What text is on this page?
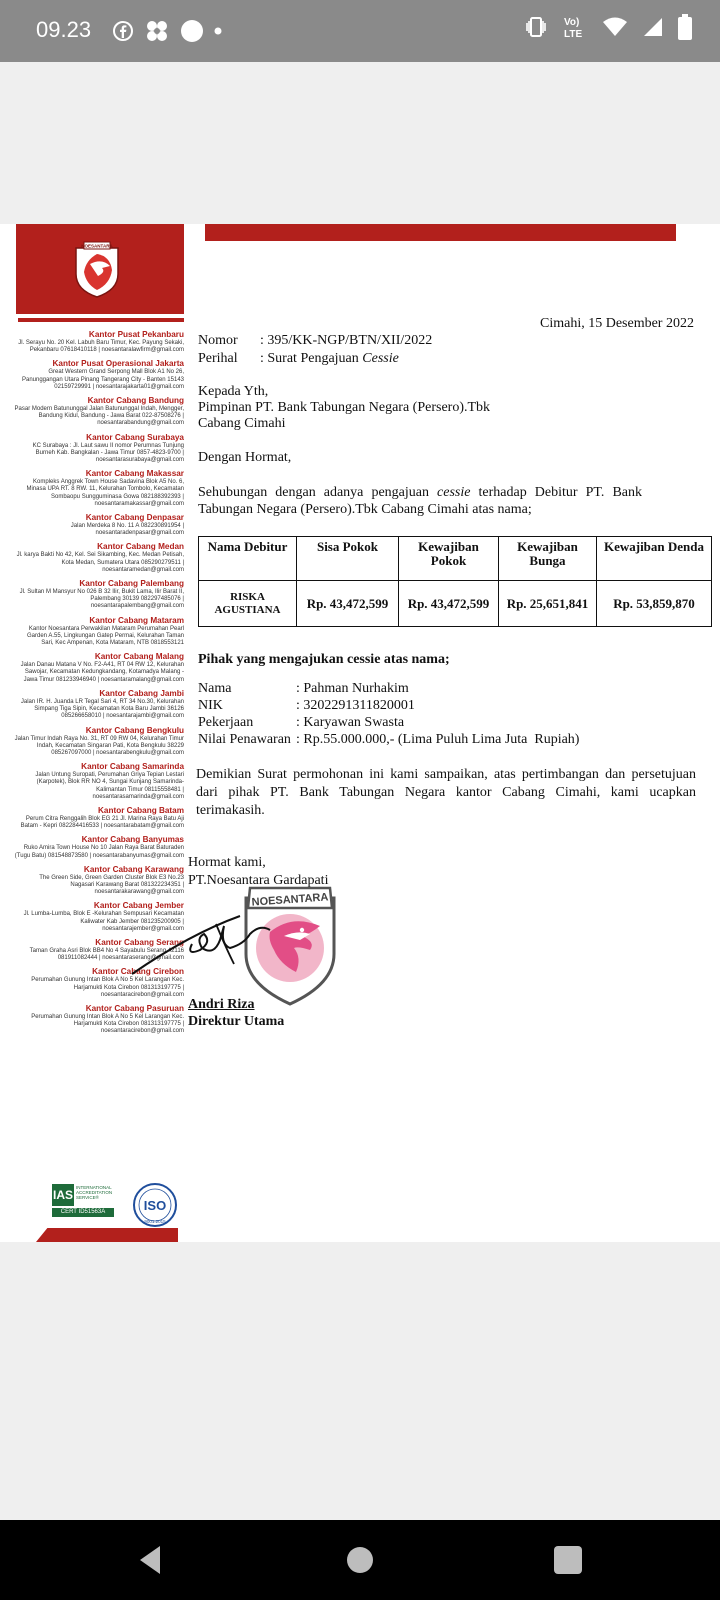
09.23	Vo)
LTE
NOESANTARA
Kantor Pusat Pekanbaru
Jl. Serayu No. 20 Kel. Labuh Baru Timur, Kec. Payung Sekaki, Pekanbaru 07618410118 | noesantaralawfirm@gmail.com
Kantor Pusat Operasional Jakarta
Great Western Grand Serpong Mall Blok A1 No 26, Panunggangan Utara Pinang Tangerang City - Banten 15143 02159729991 | noesantarajakarta01@gmail.com
Kantor Cabang Bandung
Pasar Modern Batununggal Jalan Batununggal Indah, Mengger, Bandung Kidul, Bandung - Jawa Barat 022-87508276 | noesantarabandung@gmail.com
Kantor Cabang Surabaya
KC Surabaya : Jl. Laut sawu II nomor Perumnas Tunjung Burneh Kab. Bangkalan - Jawa Timur 0857-4823-9700 | noesantarasurabaya@gmail.com
Kantor Cabang Makassar
Kompleks Anggrek Town House Sadavina Blok A5 No. 6, Minasa UPA RT. 8 RW. 11, Kelurahan Tombolo, Kecamatan Sombaopu Sungguminasa Gowa 082188392393 | noesantaramakassar@gmail.com
Kantor Cabang Denpasar
Jalan Merdeka 8 No. 11 A 082230891954 | noesantaradenpasar@gmail.com
Kantor Cabang Medan
Jl. karya Bakti No 42, Kel. Sei Sikambing, Kec. Medan Petisah, Kota Medan, Sumatera Utara 085290279511 | noesantaramedan@gmail.com
Kantor Cabang Palembang
Jl. Sultan M Mansyur No 026 B 32 Ilir, Bukit Lama, Ilir Barat II, Palembang 30139 082297485076 | noesantarapalembang@gmail.com
Kantor Cabang Mataram
Kantor Noesantara Perwakilan Mataram Perumahan Pearl Garden A.55, Lingkungan Gatep Permai, Kelurahan Taman Sari, Kec Ampenan, Kota Mataram, NTB 0818553121
Kantor Cabang Malang
Jalan Danau Matana V No. F2-A41, RT 04 RW 12, Kelurahan Sawojar, Kecamatan Kedungkandang, Kotamadya Malang - Jawa Timur 081233946940 | noesantaramalang@gmail.com
Kantor Cabang Jambi
Jalan IR. H. Juanda LR Tegal Sari 4, RT 34 No.30, Kelurahan Simpang Tiga Sipin, Kecamatan Kota Baru Jambi 36126 085266658010 | noesantarajambi@gmail.com
Kantor Cabang Bengkulu
Jalan Timur Indah Raya No. 31, RT 09 RW 04, Kelurahan Timur Indah, Kecamatan Singaran Pati, Kota Bengkulu 38229 085267097000 | noesantarabengkulu@gmail.com
Kantor Cabang Samarinda
Jalan Untung Suropati, Perumahan Griya Tepian Lestari (Karpotek), Blok RR NO 4, Sungai Kunjang Samarinda- Kalimantan Timur 08115558481 | noesantarasamarinda@gmail.com
Kantor Cabang Batam
Perum Citra Renggalih Blok EG 21 Jl. Marina Raya Batu Aji Batam - Kepri 082284416533 | noesantarabatam@gmail.com
Kantor Cabang Banyumas
Ruko Amira Town House No 10 Jalan Raya Barat Baturaden (Tugu Batu) 081548873580 | noesantarabanyumas@gmail.com
Kantor Cabang Karawang
The Green Side, Green Garden Cluster Blok E3 No.23 Nagasari Karawang Barat 081322234351 | noesantarakarawang@gmail.com
Kantor Cabang Jember
Jl. Lumba-Lumba, Blok E -Kelurahan Sempusari Kecamatan Kaliwater Kab Jember 081235200905 | noesantarajember@gmail.com
Kantor Cabang Serang
Taman Graha Asri Blok BB4 No 4 Sayabulu Serang 42116 081911082444 | noesantaraserang@gmail.com
Kantor Cabang Cirebon
Perumahan Gunung Intan Blok A No 5 Kel Larangan Kec. Harjamukti Kota Cirebon 081313197775 | noesantaracirebon@gmail.com
Kantor Cabang Pasuruan
Perumahan Gunung Intan Blok A No 5 Kel Larangan Kec. Harjamukti Kota Cirebon 081313197775 | noesantaracirebon@gmail.com
IAS
INTERNATIONAL ACCREDITATION SERVICE®
CERT ID51563A	ISO
9001:2015
Cimahi, 15 Desember 2022
Nomor	: 395/KK-NGP/BTN/XII/2022
Perihal	: Surat Pengajuan Cessie
Kepada Yth,
Pimpinan PT. Bank Tabungan Negara (Persero).Tbk
Cabang Cimahi
Dengan Hormat,
Sehubungan dengan adanya pengajuan cessie terhadap Debitur PT. Bank Tabungan Negara (Persero).Tbk Cabang Cimahi atas nama;
Nama Debitur	Sisa Pokok	Kewajiban Pokok	Kewajiban Bunga	Kewajiban Denda
RISKA AGUSTIANA	Rp. 43,472,599	Rp. 43,472,599	Rp. 25,651,841	Rp. 53,859,870
Pihak yang mengajukan cessie atas nama;
Nama	: Pahman Nurhakim
NIK	: 3202291311820001
Pekerjaan	: Karyawan Swasta
Nilai Penawaran : Rp.55.000.000,- (Lima Puluh Lima Juta  Rupiah)
Demikian Surat permohonan ini kami sampaikan, atas pertimbangan dan persetujuan dari pihak PT. Bank Tabungan Negara kantor Cabang Cimahi, kami ucapkan terimakasih.
Hormat kami,
PT.Noesantara Gardapati
NOESANTARA
Andri Riza
Direktur Utama
